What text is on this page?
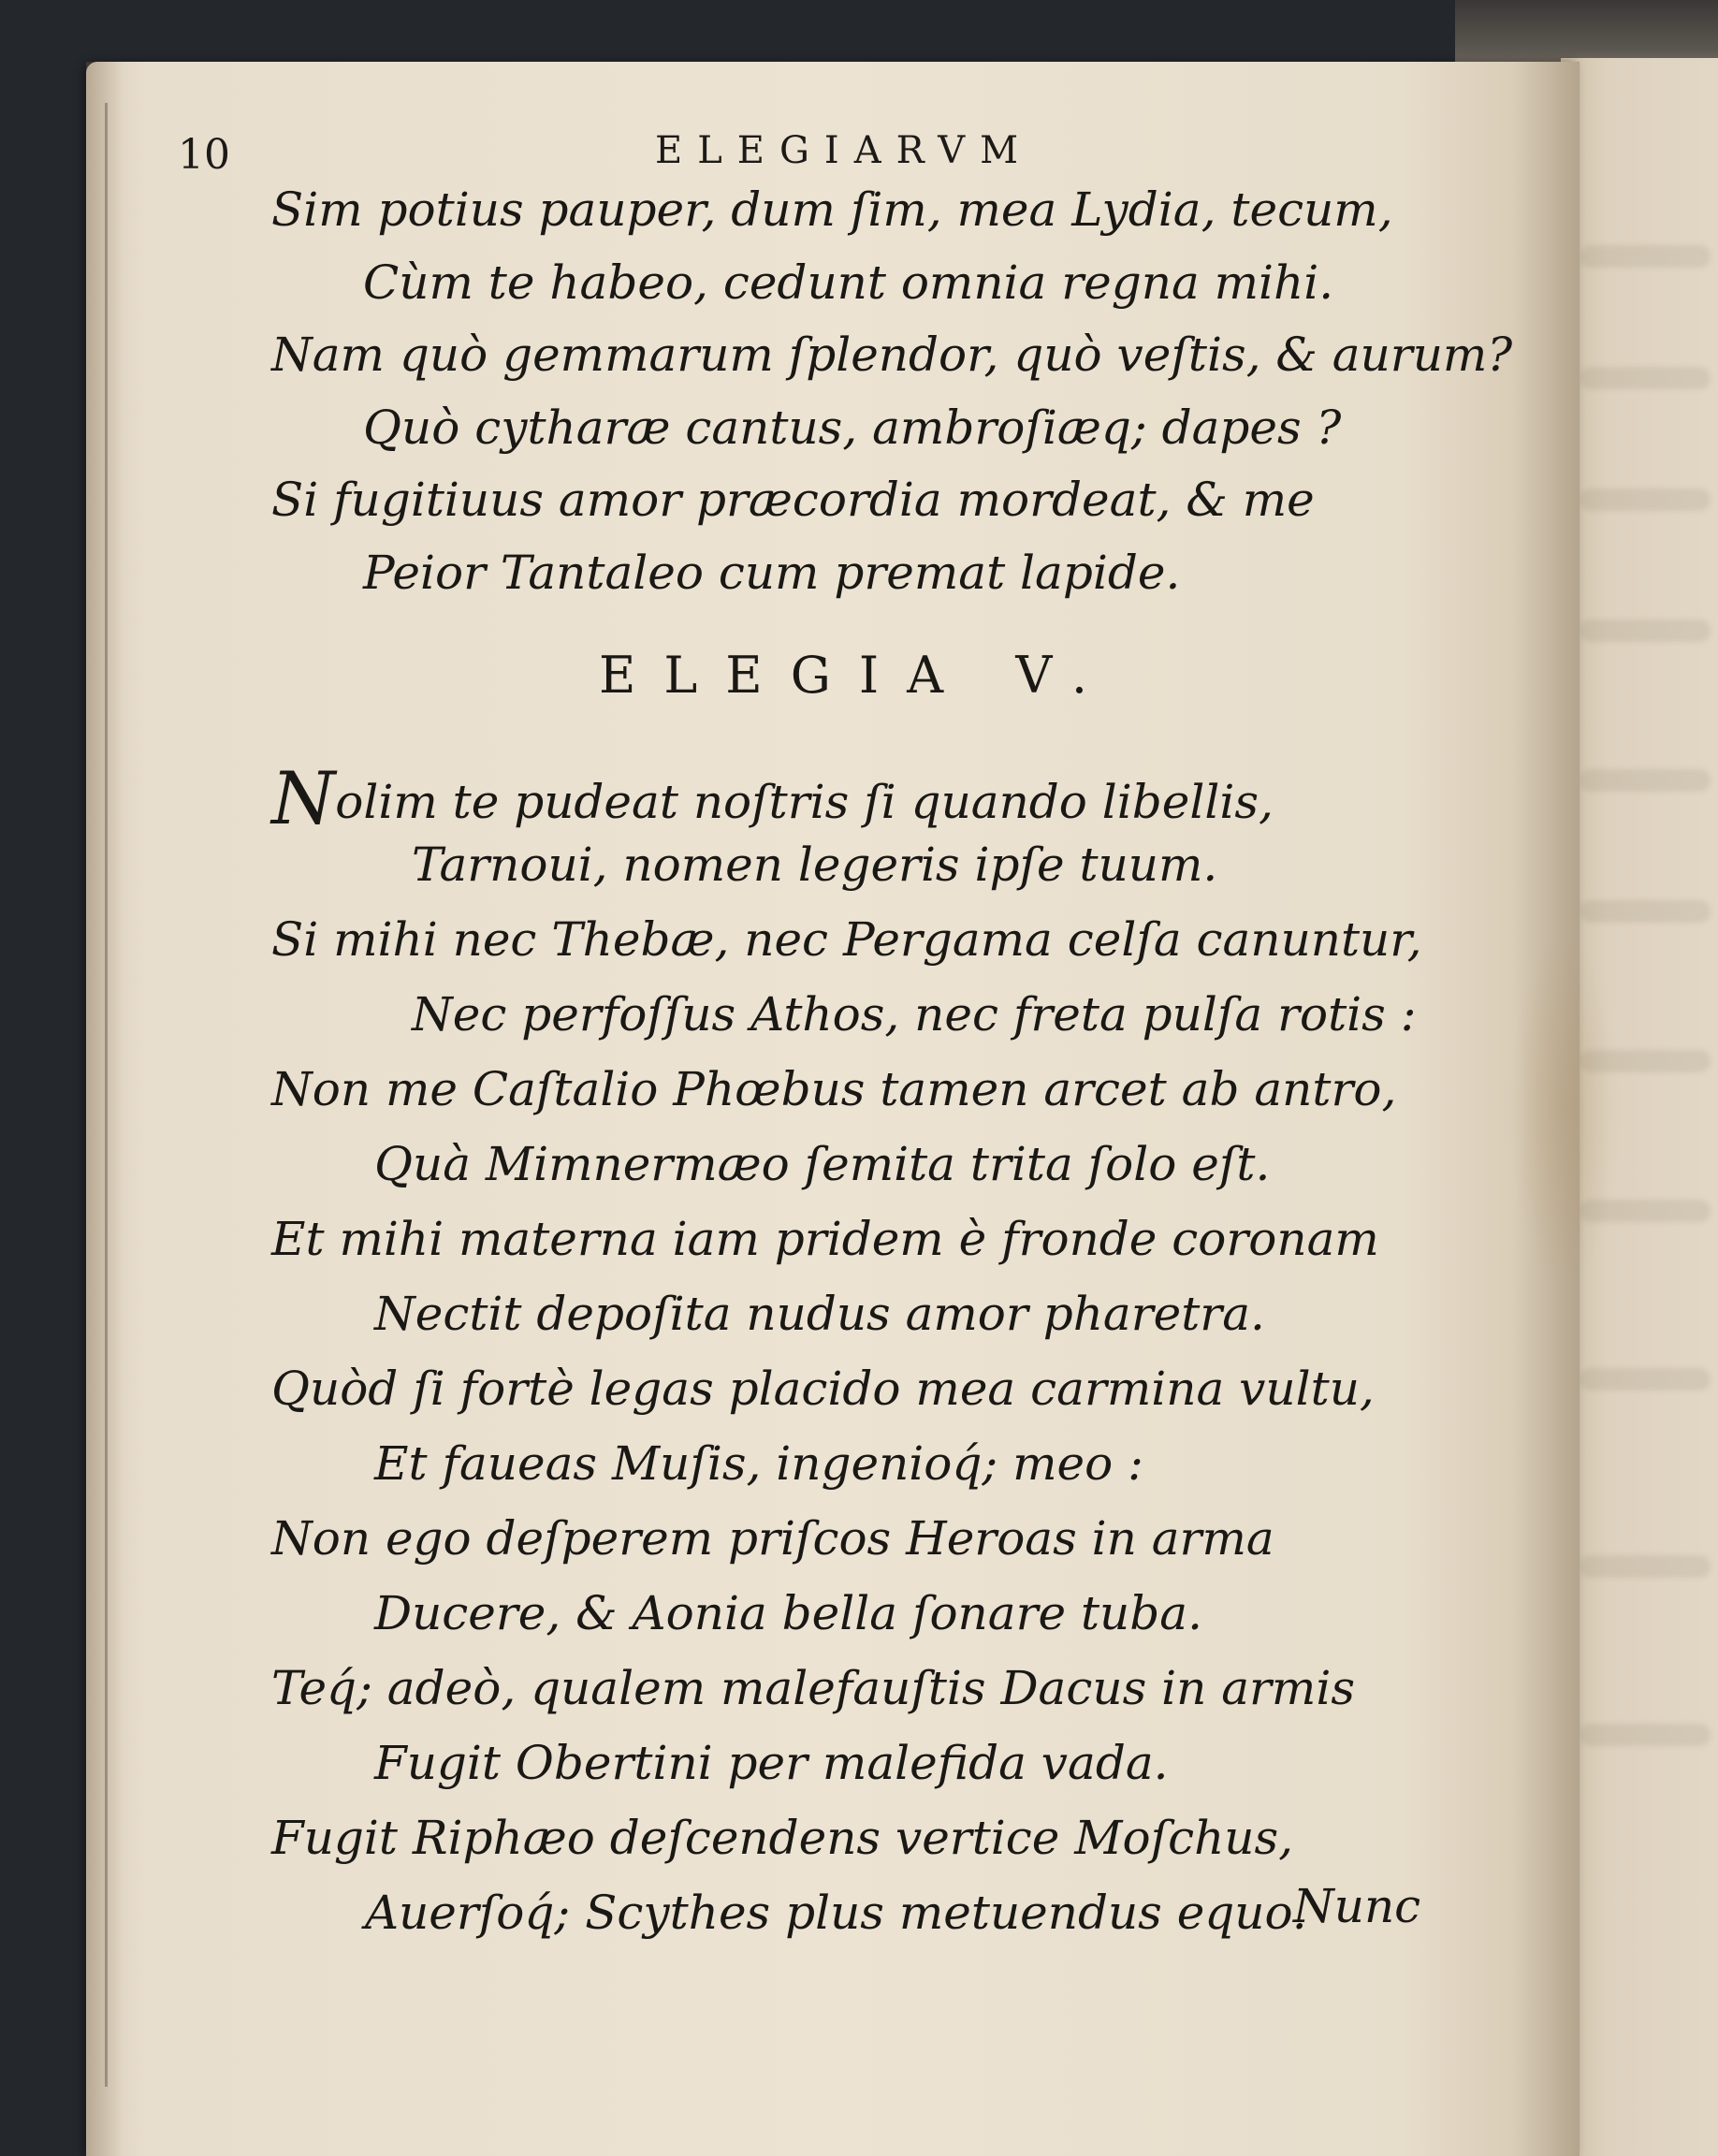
10	ELEGIARVM
Sim potius pauper, dum ſim, mea Lydia, tecum,
Cùm te habeo, cedunt omnia regna mihi.
Nam quò gemmarum ſplendor, quò veſtis, & aurum?
Quò cytharæ cantus, ambroſiæq; dapes ?
Si fugitiuus amor præcordia mordeat, & me
Peior Tantaleo cum premat lapide.
ELEGIA V.
Nolim te pudeat noſtris ſi quando libellis,
Tarnoui, nomen legeris ipſe tuum.
Si mihi nec Thebæ, nec Pergama celſa canuntur,
Nec perfoſſus Athos, nec freta pulſa rotis :
Non me Caſtalio Phœbus tamen arcet ab antro,
Quà Mimnermæo ſemita trita ſolo eſt.
Et mihi materna iam pridem è fronde coronam
Nectit depoſita nudus amor pharetra.
Quòd ſi fortè legas placido mea carmina vultu,
Et faueas Muſis, ingenioq́; meo :
Non ego deſperem priſcos Heroas in arma
Ducere, & Aonia bella ſonare tuba.
Teq́; adeò, qualem malefauſtis Dacus in armis
Fugit Obertini per malefida vada.
Fugit Riphæo deſcendens vertice Moſchus,
Auerſoq́; Scythes plus metuendus equo.
Nunc
